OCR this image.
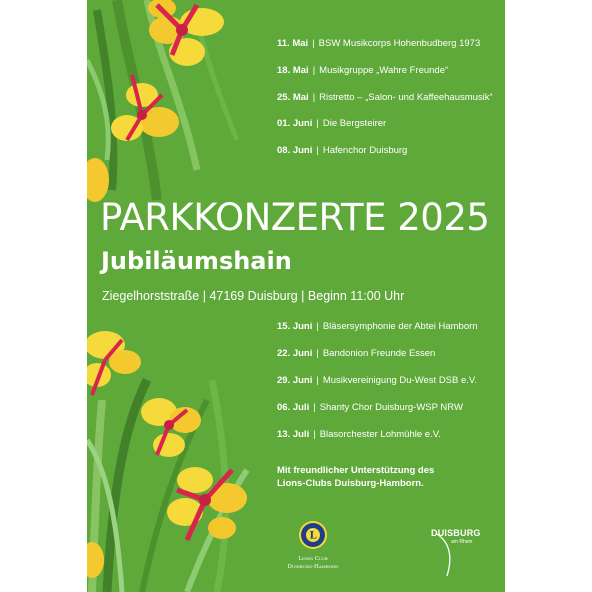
·	11. Mai | BSW Musikcorps Hohenbudberg 1973
18. Mai | Musikgruppe „Wahre Freunde“
25. Mai | Ristretto – „Salon- und Kaffeehausmusik“
01. Juni | Die Bergsteirer
08. Juni | Hafenchor Duisburg
PARKKONZERTE 2025
Jubiläumshain
Ziegelhorststraße | 47169 Duisburg | Beginn 11:00 Uhr
15. Juni | Bläsersymphonie der Abtei Hamborn
22. Juni | Bandonion Freunde Essen
29. Juni | Musikvereinigung Du-West DSB e.V.
06. Juli | Shanty Chor Duisburg-WSP NRW
13. Juli | Blasorchester Lohmühle e.V.
Mit freundlicher Unterstützung des
Lions-Clubs Duisburg-Hamborn.
L
Lions Club
Duisburg-Hamborn
DUISBURG
am Rhein
